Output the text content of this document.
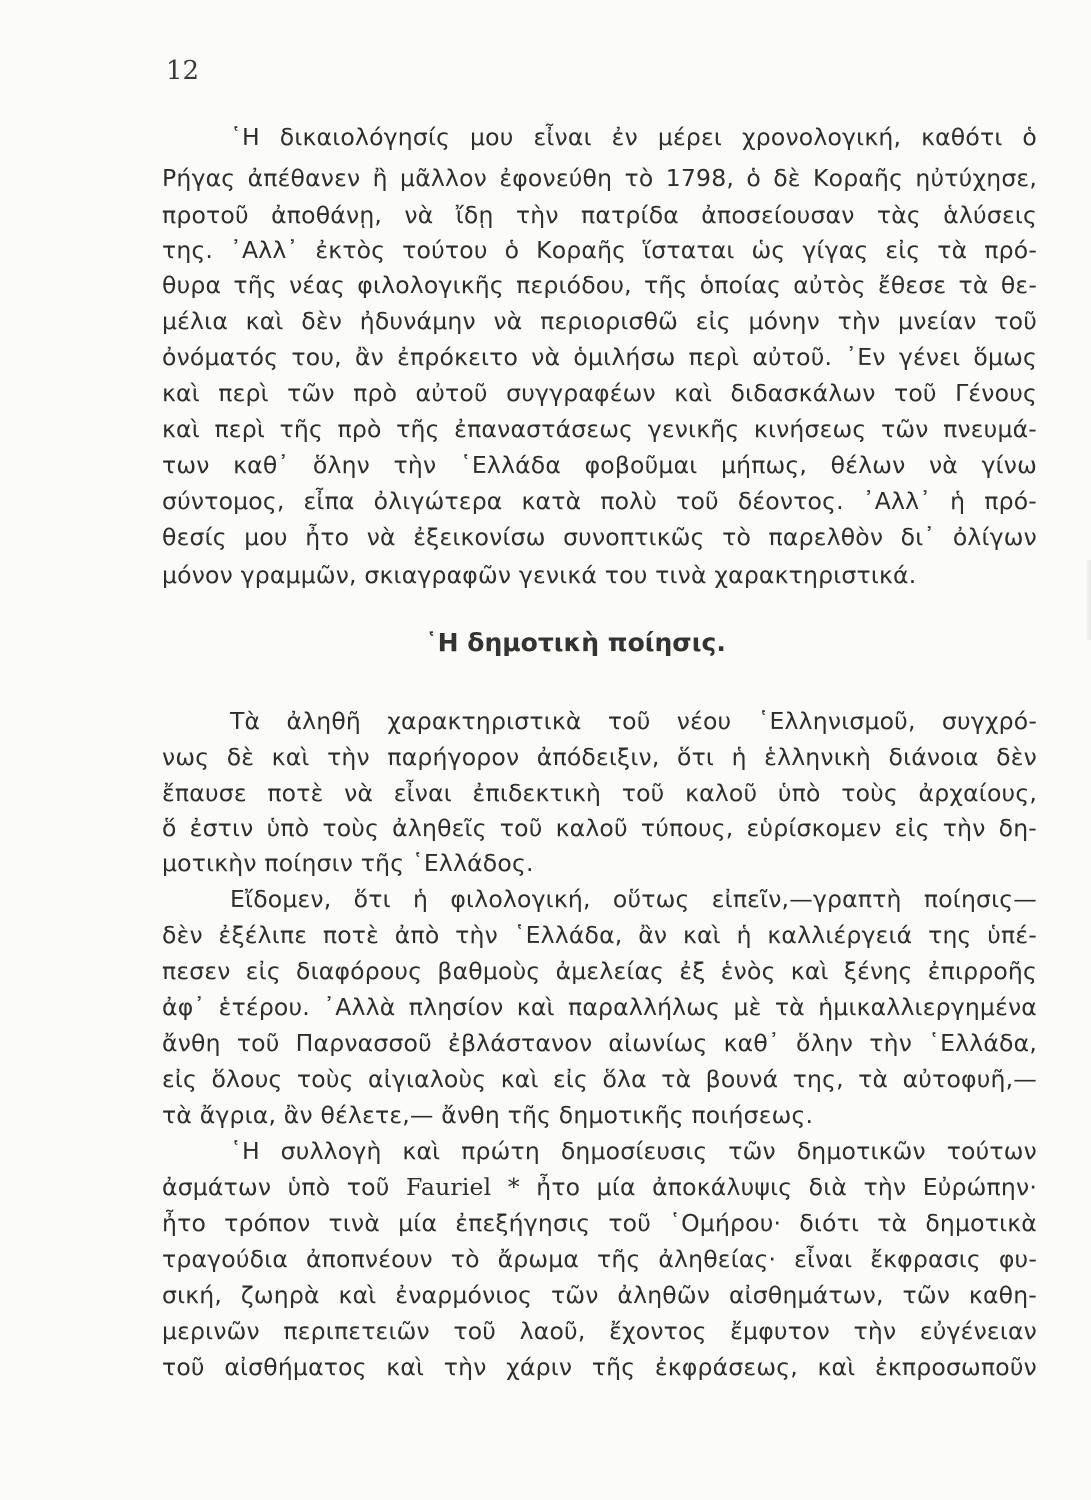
12
῾Η δικαιολόγησίς μου εἶναι ἐν μέρει χρονολογική, καθότι ὁ
Ρήγας ἀπέθανεν ἢ μᾶλλον ἐφονεύθη τὸ 1798, ὁ δὲ Κοραῆς ηὐτύχησε,
προτοῦ ἀποθάνῃ, νὰ ἴδῃ τὴν πατρίδα ἀποσείουσαν τὰς ἁλύσεις
της. ᾿Αλλ᾽ ἐκτὸς τούτου ὁ Κοραῆς ἵσταται ὡς γίγας εἰς τὰ πρό-
θυρα τῆς νέας φιλολογικῆς περιόδου, τῆς ὁποίας αὐτὸς ἔθεσε τὰ θε-
μέλια καὶ δὲν ἠδυνάμην νὰ περιορισθῶ εἰς μόνην τὴν μνείαν τοῦ
ὀνόματός του, ἂν ἐπρόκειτο νὰ ὁμιλήσω περὶ αὐτοῦ. ᾿Εν γένει ὅμως
καὶ περὶ τῶν πρὸ αὐτοῦ συγγραφέων καὶ διδασκάλων τοῦ Γένους
καὶ περὶ τῆς πρὸ τῆς ἐπαναστάσεως γενικῆς κινήσεως τῶν πνευμά-
των καθ᾽ ὅλην τὴν ῾Ελλάδα φοβοῦμαι μήπως, θέλων νὰ γίνω
σύντομος, εἶπα ὀλιγώτερα κατὰ πολὺ τοῦ δέοντος. ᾿Αλλ᾽ ἡ πρό-
θεσίς μου ἦτο νὰ ἐξεικονίσω συνοπτικῶς τὸ παρελθὸν δι᾽ ὀλίγων
μόνον γραμμῶν, σκιαγραφῶν γενικά του τινὰ χαρακτηριστικά.
῾Η δημοτικὴ ποίησις.
Τὰ ἀληθῆ χαρακτηριστικὰ τοῦ νέου ῾Ελληνισμοῦ, συγχρό-
νως δὲ καὶ τὴν παρήγορον ἀπόδειξιν, ὅτι ἡ ἑλληνικὴ διάνοια δὲν
ἔπαυσε ποτὲ νὰ εἶναι ἐπιδεκτικὴ τοῦ καλοῦ ὑπὸ τοὺς ἀρχαίους,
ὅ ἐστιν ὑπὸ τοὺς ἀληθεῖς τοῦ καλοῦ τύπους, εὑρίσκομεν εἰς τὴν δη-
μοτικὴν ποίησιν τῆς ῾Ελλάδος.
Εἴδομεν, ὅτι ἡ φιλολογική, οὕτως εἰπεῖν,—γραπτὴ ποίησις—
δὲν ἐξέλιπε ποτὲ ἀπὸ τὴν ῾Ελλάδα, ἂν καὶ ἡ καλλιέργειά της ὑπέ-
πεσεν εἰς διαφόρους βαθμοὺς ἀμελείας ἐξ ἑνὸς καὶ ξένης ἐπιρροῆς
ἀφ᾽ ἑτέρου. ᾿Αλλὰ πλησίον καὶ παραλλήλως μὲ τὰ ἡμικαλλιεργημένα
ἄνθη τοῦ Παρνασσοῦ ἐβλάστανον αἰωνίως καθ᾽ ὅλην τὴν ῾Ελλάδα,
εἰς ὅλους τοὺς αἰγιαλοὺς καὶ εἰς ὅλα τὰ βουνά της, τὰ αὐτοφυῆ,—
τὰ ἄγρια, ἂν θέλετε,— ἄνθη τῆς δημοτικῆς ποιήσεως.
῾Η συλλογὴ καὶ πρώτη δημοσίευσις τῶν δημοτικῶν τούτων
ἀσμάτων ὑπὸ τοῦ Fauriel * ἦτο μία ἀποκάλυψις διὰ τὴν Εὐρώπην·
ἦτο τρόπον τινὰ μία ἐπεξήγησις τοῦ ῾Ομήρου· διότι τὰ δημοτικὰ
τραγούδια ἀποπνέουν τὸ ἄρωμα τῆς ἀληθείας· εἶναι ἔκφρασις φυ-
σική, ζωηρὰ καὶ ἐναρμόνιος τῶν ἀληθῶν αἰσθημάτων, τῶν καθη-
μερινῶν περιπετειῶν τοῦ λαοῦ, ἔχοντος ἔμφυτον τὴν εὐγένειαν
τοῦ αἰσθήματος καὶ τὴν χάριν τῆς ἐκφράσεως, καὶ ἐκπροσωποῦν
